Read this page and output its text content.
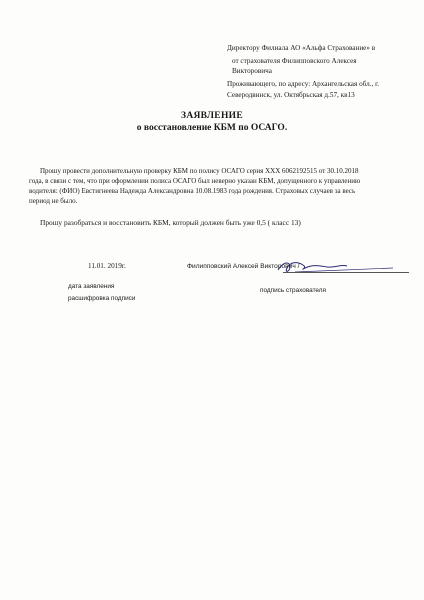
Директору Филиала АО «Альфа Страхование» в
от страхователя Филипповского Алексея
Викторовича
Проживающего, по адресу: Архангельская обл., г.
Северодвинск, ул. Октябрьская д.57, кв13
ЗАЯВЛЕНИЕ
о восстановление КБМ по ОСАГО.
Прошу провести дополнительную проверку КБМ по полису ОСАГО серия ХХХ 6062192515 от 30.10.2018
года, в связи с тем, что при оформлении полиса ОСАГО был неверно указан КБМ, допущенного к управлению
водителя: (ФИО) Евстигнеева Надежда Александровна 10.08.1983 года рождения. Страховых случаев за весь
период не было.
Прошу разобраться и восстановить КБМ, который должен быть уже 0,5 ( класс 13)
11.01. 2019г.	Филипповский Алексей Викторович /
дата заявления
подпись страхователя
расшифровка подписи
